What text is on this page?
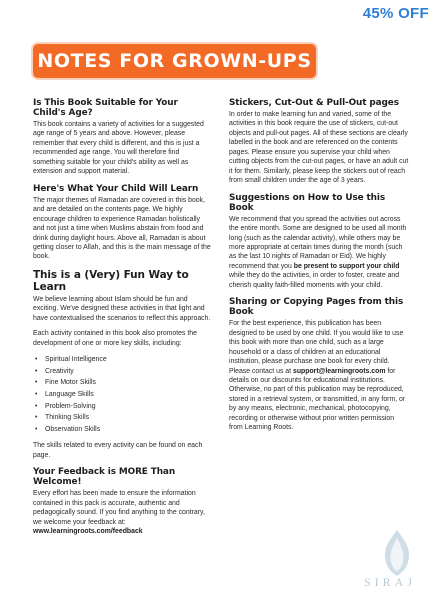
45% OFF
NOTES FOR GROWN-UPS
Is This Book Suitable for Your Child's Age?

This book contains a variety of activities for a suggested age range of 5 years and above. However, please remember that every child is different, and this is just a recommended age range. You will therefore find something suitable for your child's ability as well as extension and support material.

Here's What Your Child Will Learn

The major themes of Ramadan are covered in this book, and are detailed on the contents page. We highly encourage children to experience Ramadan holistically and not just a time when Muslims abstain from food and drink during daylight hours. Above all, Ramadan is about getting closer to Allah, and this is the main message of the book.

This is a (Very) Fun Way to Learn

We believe learning about Islam should be fun and exciting. We've designed these activities in that light and have contextualised the scenarios to reflect this approach.

Each activity contained in this book also promotes the development of one or more key skills, including:

• Spiritual Intelligence
• Creativity
• Fine Motor Skills
• Language Skills
• Problem-Solving
• Thinking Skills
• Observation Skills

The skills related to every activity can be found on each page.

Your Feedback is MORE Than Welcome!

Every effort has been made to ensure the information contained in this pack is accurate, authentic and pedagogically sound. If you find anything to the contrary, we welcome your feedback at:
www.learningroots.com/feedback

Stickers, Cut-Out & Pull-Out pages

In order to make learning fun and varied, some of the activities in this book require the use of stickers, cut-out objects and pull-out pages. All of these sections are clearly labelled in the book and are referenced on the contents pages. Please ensure you supervise your child when cutting objects from the cut-out pages, or have an adult cut it for them. Similarly, please keep the stickers out of reach from small children under the age of 3 years.

Suggestions on How to Use this Book

We recommend that you spread the activities out across the entire month. Some are designed to be used all month long (such as the calendar activity), while others may be more appropriate at certain times during the month (such as the last 10 nights of Ramadan or Eid). We highly recommend that you be present to support your child while they do the activities, in order to foster, create and cherish quality faith-filled moments with your child.

Sharing or Copying Pages from this Book

For the best experience, this publication has been designed to be used by one child. If you would like to use this book with more than one child, such as a large household or a class of children at an educational institution, please purchase one book for every child. Please contact us at support@learningroots.com for details on our discounts for educational institutions. Otherwise, no part of this publication may be reproduced, stored in a retrieval system, or transmitted, in any form, or by any means, electronic, mechanical, photocopying, recording or otherwise without prior written permission from Learning Roots.

SIRAJ
